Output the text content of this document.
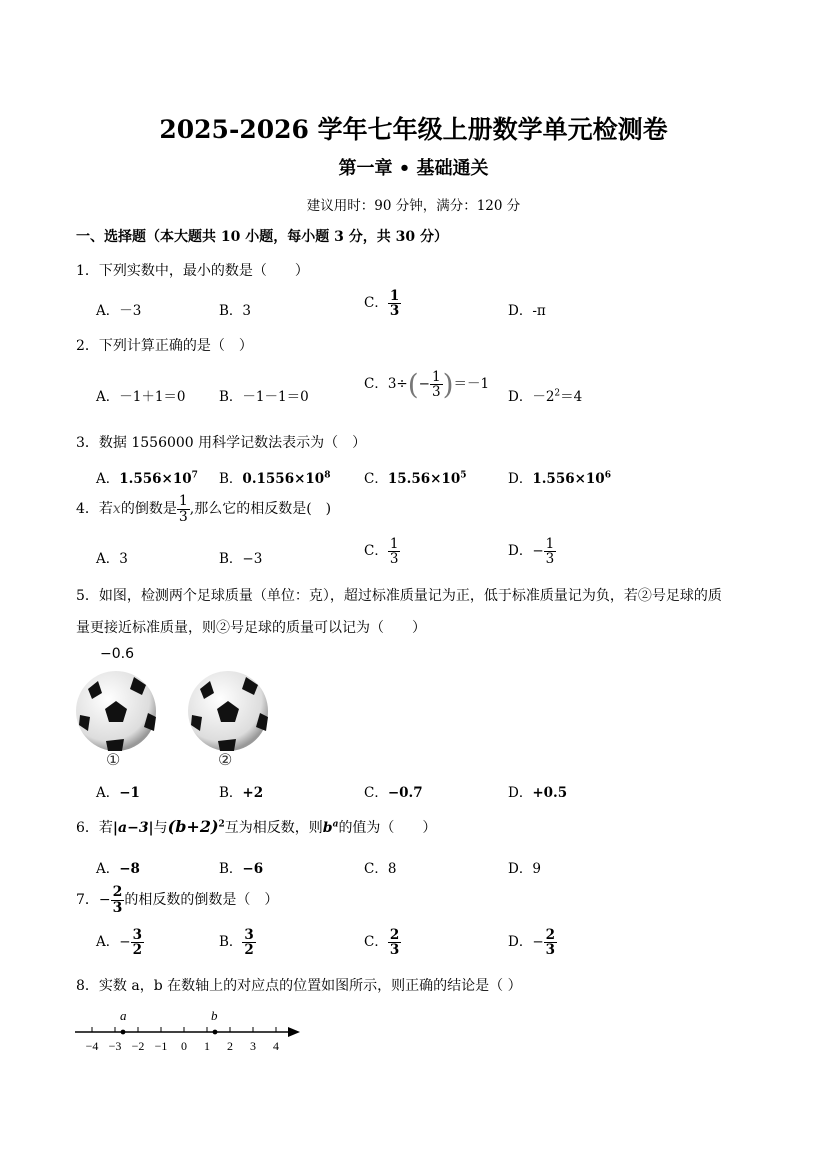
2025-2026 学年七年级上册数学单元检测卷
第一章 • 基础通关
建议用时：90 分钟，满分：120 分
一、选择题（本大题共 10 小题，每小题 3 分，共 30 分）
1．下列实数中，最小的数是（　　）
A．－3	B．3	C． $\frac{1}{3}$	D．-π
2．下列计算正确的是（　）
A．－1＋1＝0 B．－1－1＝0
C．$3\div(- \frac{1}{3} )=-1$
D．$-2^2=4$
3．数据 1556000 用科学记数法表示为（　）
A．$1.556\times 10^7$ B．$0.1556\times 10^8$ C．$15.56\times 10^5$	D．$1.556\times 10^6$
4．若x的倒数是 $\frac{1}{3}$ ,那么它的相反数是(　)
A．3	B．−3	C． $\frac{1}{3}$	D．− $\frac{1}{3}$
5．如图，检测两个足球质量（单位：克），超过标准质量记为正，低于标准质量记为负，若②号足球的质
量更接近标准质量，则②号足球的质量可以记为（　　）
−0.6
①	②
A．−1	B．+2	C．−0.7	D．+0.5
6．若|a−3|与$(b+2)^2$互为相反数，则$b^a$的值为（　　）
A．−8	B．−6	C．8	D．9
7．− $\frac{2}{3}$ 的相反数的倒数是（　）
A．− $\frac{3}{2}$	B． $\frac{3}{2}$	C． $\frac{2}{3}$	D．− $\frac{2}{3}$
8．实数 a，b 在数轴上的对应点的位置如图所示，则正确的结论是（ ）
−4 −3 −2 −1 0 1 2 3 4
a	b
